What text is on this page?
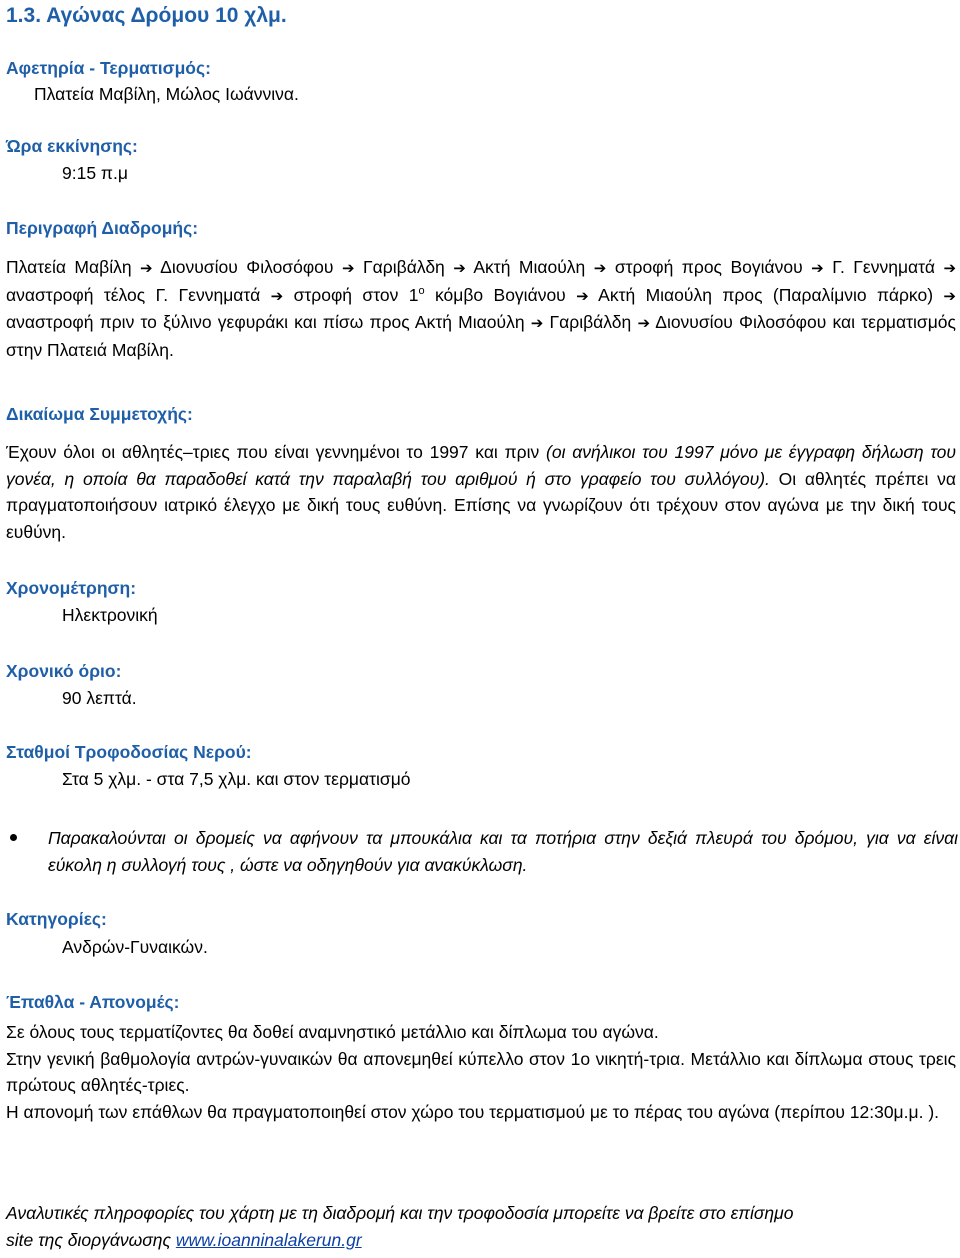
1.3. Αγώνας Δρόμου 10 χλμ.
Αφετηρία - Τερματισμός:
Πλατεία Μαβίλη, Μώλος Ιωάννινα.
Ώρα εκκίνησης:
9:15 π.μ
Περιγραφή Διαδρομής:
Πλατεία Μαβίλη ➔ Διονυσίου Φιλοσόφου ➔ Γαριβάλδη ➔ Ακτή Μιαούλη ➔ στροφή προς Βογιάνου ➔ Γ. Γεννηματά ➔ αναστροφή τέλος Γ. Γεννηματά ➔ στροφή στον $1^o$ κόμβο Βογιάνου ➔ Ακτή Μιαούλη προς (Παραλίμνιο πάρκο) ➔ αναστροφή πριν το ξύλινο γεφυράκι και πίσω προς Ακτή Μιαούλη ➔ Γαριβάλδη ➔ Διονυσίου Φιλοσόφου και τερματισμός στην Πλατειά Μαβίλη.
Δικαίωμα Συμμετοχής:

Έχουν όλοι οι αθλητές–τριες που είναι γεννημένοι το 1997 και πριν (οι ανήλικοι του 1997 μόνο με έγγραφη δήλωση του γονέα, η οποία θα παραδοθεί κατά την παραλαβή του αριθμού ή στο γραφείο του συλλόγου). Οι αθλητές πρέπει να πραγματοποιήσουν ιατρικό έλεγχο με δική τους ευθύνη. Επίσης να γνωρίζουν ότι τρέχουν στον αγώνα με την δική τους ευθύνη.

Χρονομέτρηση:
Ηλεκτρονική
Χρονικό όριο:
90 λεπτά.
Σταθμοί Τροφοδοσίας Νερού:
Στα 5 χλμ. - στα 7,5 χλμ. και στον τερματισμό

Παρακαλούνται οι δρομείς να αφήνουν τα μπουκάλια και τα ποτήρια στην δεξιά πλευρά του δρόμου, για να είναι εύκολη η συλλογή τους , ώστε να οδηγηθούν για ανακύκλωση.

Κατηγορίες:
Ανδρών-Γυναικών.
Έπαθλα - Απονομές:
Σε όλους τους τερματίζοντες θα δοθεί αναμνηστικό μετάλλιο και δίπλωμα του αγώνα.
Στην γενική βαθμολογία αντρών-γυναικών θα απονεμηθεί κύπελλο στον 1ο νικητή-τρια. Μετάλλιο και δίπλωμα στους τρεις πρώτους αθλητές-τριες.
Η απονομή των επάθλων θα πραγματοποιηθεί στον χώρο του τερματισμού με το πέρας του αγώνα (περίπου 12:30μ.μ. ).
Αναλυτικές πληροφορίες του χάρτη με τη διαδρομή και την τροφοδοσία μπορείτε να βρείτε στο επίσημο
site της διοργάνωσης www.ioanninalakerun.gr
